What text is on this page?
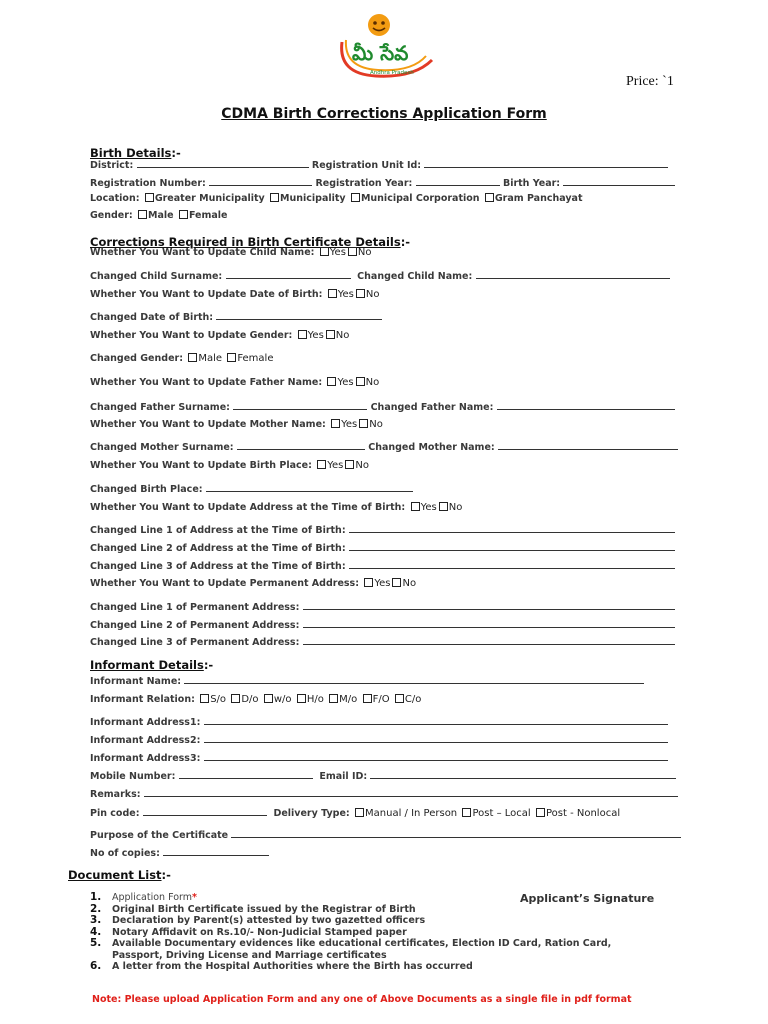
మీ సేవ
Andhra Pradesh
Price: `1
CDMA Birth Corrections Application Form
Birth Details:-
District:	Registration Unit Id:
Registration Number:	Registration Year:	Birth Year:
Location: Greater Municipality Municipality Municipal Corporation Gram Panchayat
Gender: Male Female
Corrections Required in Birth Certificate Details:-
Whether You Want to Update Child Name: Yes No
Changed Child Surname:	Changed Child Name:
Whether You Want to Update Date of Birth: Yes No
Changed Date of Birth:
Whether You Want to Update Gender: Yes No
Changed Gender: Male Female
Whether You Want to Update Father Name: Yes No
Changed Father Surname:	Changed Father Name:
Whether You Want to Update Mother Name: Yes No
Changed Mother Surname:	Changed Mother Name:
Whether You Want to Update Birth Place: Yes No
Changed Birth Place:
Whether You Want to Update Address at the Time of Birth: Yes No
Changed Line 1 of Address at the Time of Birth:
Changed Line 2 of Address at the Time of Birth:
Changed Line 3 of Address at the Time of Birth:
Whether You Want to Update Permanent Address: Yes No
Changed Line 1 of Permanent Address:
Changed Line 2 of Permanent Address:
Changed Line 3 of Permanent Address:
Informant Details:-
Informant Name:
Informant Relation: S/o D/o w/o H/o M/o F/O C/o
Informant Address1:
Informant Address2:
Informant Address3:
Mobile Number:	Email ID:
Remarks:
Pin code:	Delivery Type: Manual / In Person Post – Local Post - Nonlocal
Purpose of the Certificate
No of copies:
Document List:-
1. Application Form*
2. Original Birth Certificate issued by the Registrar of Birth
3. Declaration by Parent(s) attested by two gazetted officers
4. Notary Affidavit on Rs.10/- Non-Judicial Stamped paper
5. Available Documentary evidences like educational certificates, Election ID Card, Ration Card,
Passport, Driving License and Marriage certificates
6. A letter from the Hospital Authorities where the Birth has occurred
Applicant’s Signature
Note: Please upload Application Form and any one of Above Documents as a single file in pdf format
